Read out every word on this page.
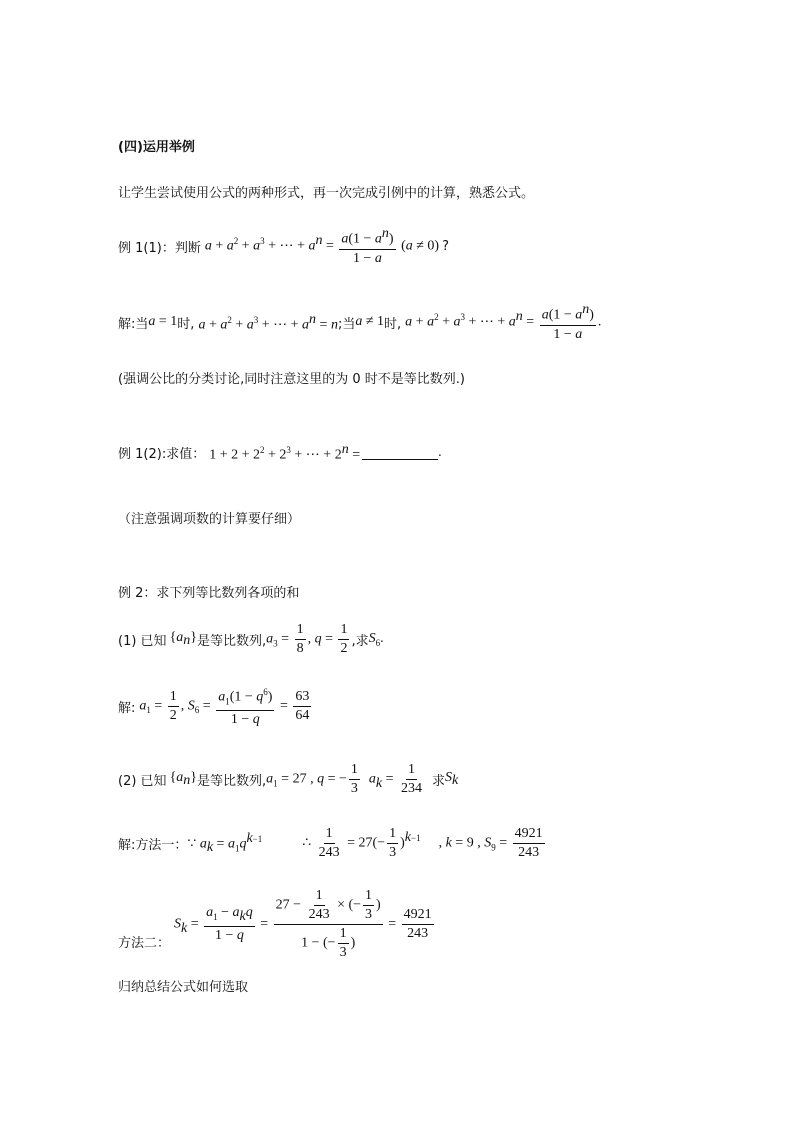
(四)运用举例
让学生尝试使用公式的两种形式，再一次完成引例中的计算，熟悉公式。
例 1(1)：判断 $a + a^2 + a^3$ + ⋯ + $a^n = \frac{a(1 - a^n)}{1 - a} (a \ne 0)$ ?
解:当 a = 1 时, $a + a^2 + a^3$ + ⋯ + $a^n = n$ ;当 a ≠ 1 时, $a + a^2 + a^3$ + ⋯ + $a^n = \frac{a(1 - a^n)}{1 - a}$ .
(强调公比的分类讨论,同时注意这里的为 0 时不是等比数列.)
例 1(2):求值： $1 + 2 + 2^2 + 2^3$ + ⋯ + $2^n$ =	.
（注意强调项数的计算要仔细）
例 2：求下列等比数列各项的和
(1) 已知 $\{a_n\}$ 是等比数列, $a_3 = \frac{1}{8}$ , $q = \frac{1}{2}$ ,求 $S_6$.
解: $a_1 = \frac{1}{2}$ , $S_6 = \frac{a_1(1 - q^6)}{1 - q} = \frac{63}{64}$
(2) 已知 $\{a_n\}$ 是等比数列, $a_1 = 27$ , q = − $\frac{1}{3} a_k = \frac{1}{234}$ 求 $S_k$
解:方法一： ∵ $a_k = a_1q^{k-1}$	∴ $\frac{1}{243} = 27(- \frac{1}{3} )^{k-1}$ , k = 9 , $S_9 = \frac{4921}{243}$
方法二：
$S_k = \frac{a_1 - a_kq}{1 - q} = \frac{27 - \frac{1}{243} \times (- \frac{1}{3} )}{1 - (- \frac{1}{3} )} = \frac{4921}{243}$
归纳总结公式如何选取
